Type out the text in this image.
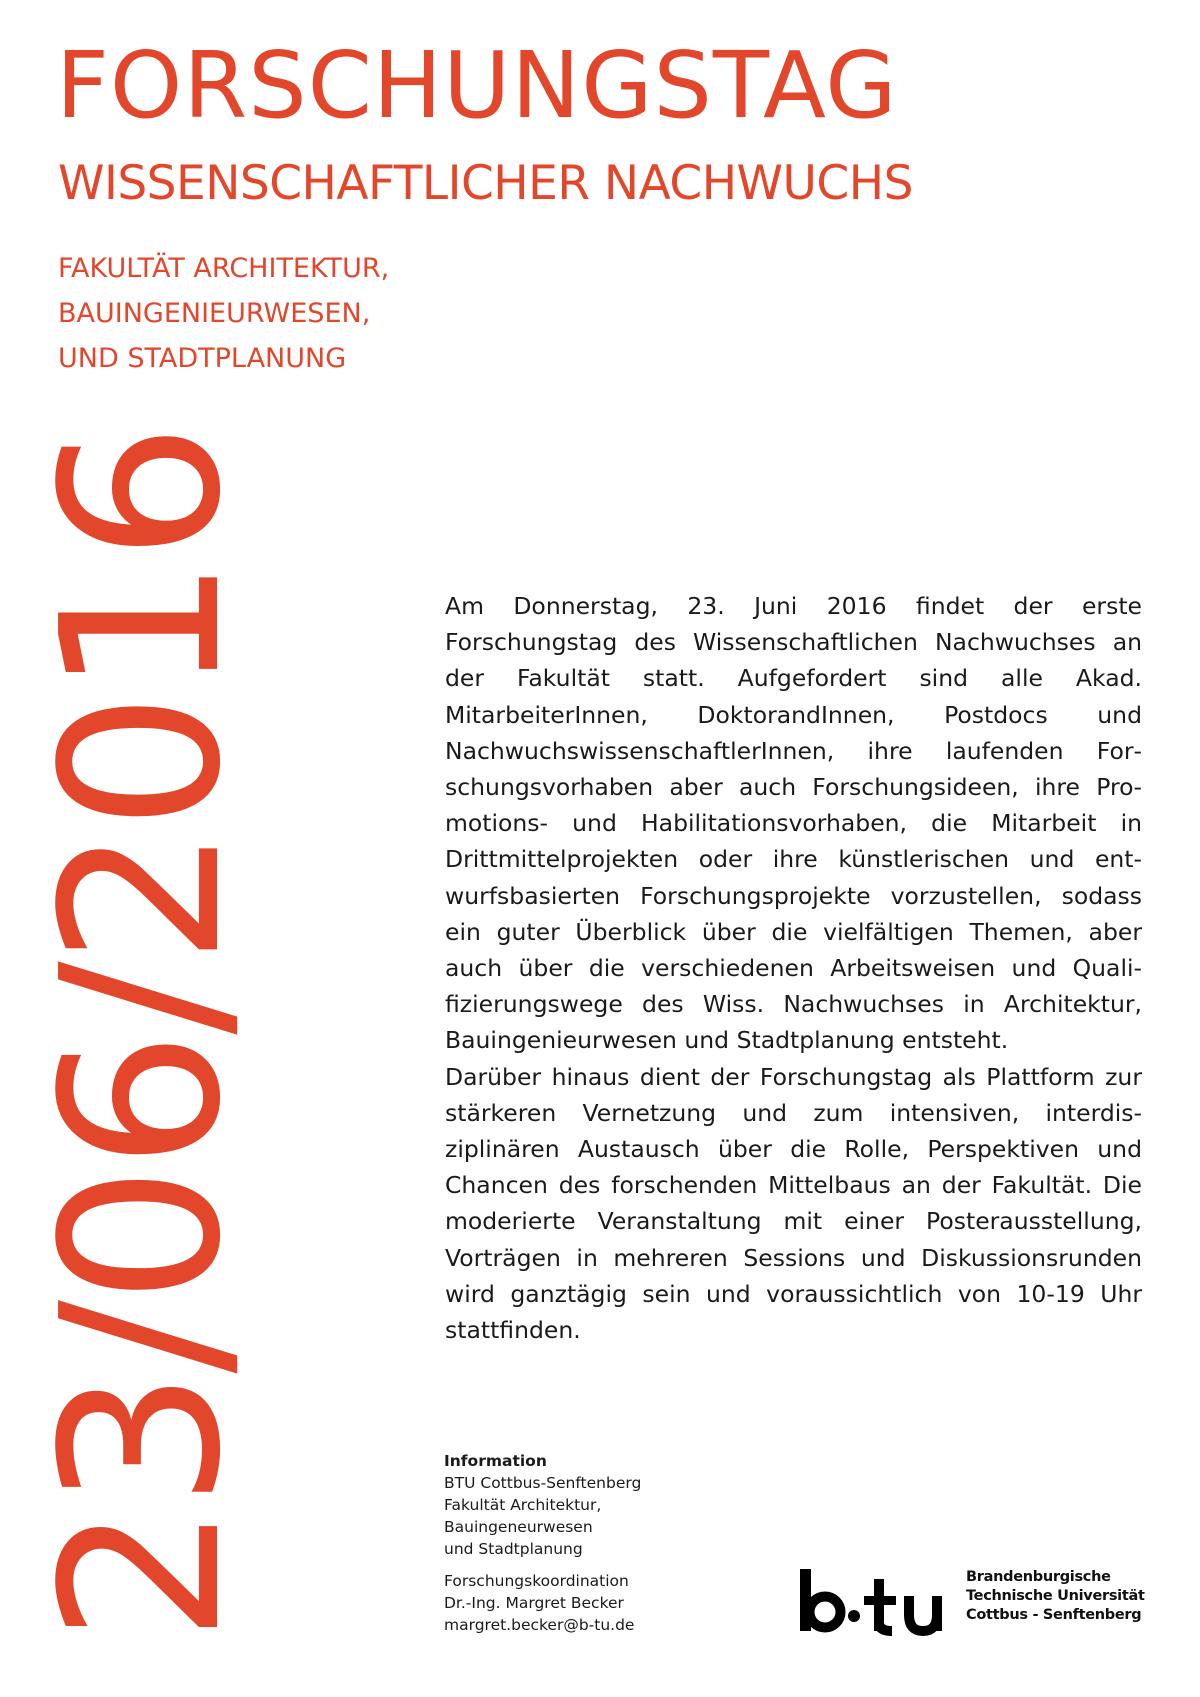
FORSCHUNGSTAG
WISSENSCHAFTLICHER NACHWUCHS
FAKULTÄT ARCHITEKTUR,
BAUINGENIEURWESEN,
UND STADTPLANUNG
23/06/2016	Am Donnerstag, 23. Juni 2016 findet der erste Forschungstag des Wissenschaftlichen Nachwuchses an der Fakultät statt. Aufgefordert sind alle Akad. MitarbeiterInnen, DoktorandInnen, Postdocs und NachwuchswissenschaftlerInnen, ihre laufenden Forschungsvorhaben aber auch Forschungsideen, ihre Promotions- und Habilitationsvorhaben, die Mitarbeit in Drittmittelprojekten oder ihre künstlerischen und entwurfsbasierten Forschungsprojekte vorzustellen, sodass ein guter Überblick über die vielfältigen Themen, aber auch über die verschiedenen Arbeitsweisen und Qualifizierungswege des Wiss. Nachwuchses in Architektur, Bauingenieurwesen und Stadtplanung entsteht.

Darüber hinaus dient der Forschungstag als Plattform zur stärkeren Vernetzung und zum intensiven, interdisziplinären Austausch über die Rolle, Perspektiven und Chancen des forschenden Mittelbaus an der Fakultät. Die moderierte Veranstaltung mit einer Posterausstellung, Vorträgen in mehreren Sessions und Diskussionsrunden wird ganztägig sein und voraussichtlich von 10-19 Uhr stattfinden.

Information
BTU Cottbus-Senftenberg
Fakultät Architektur,
Bauingeneurwesen
und Stadtplanung
Forschungskoordination
Dr.-Ing. Margret Becker
margret.becker@b-tu.de
Brandenburgische
Technische Universität
Cottbus - Senftenberg
